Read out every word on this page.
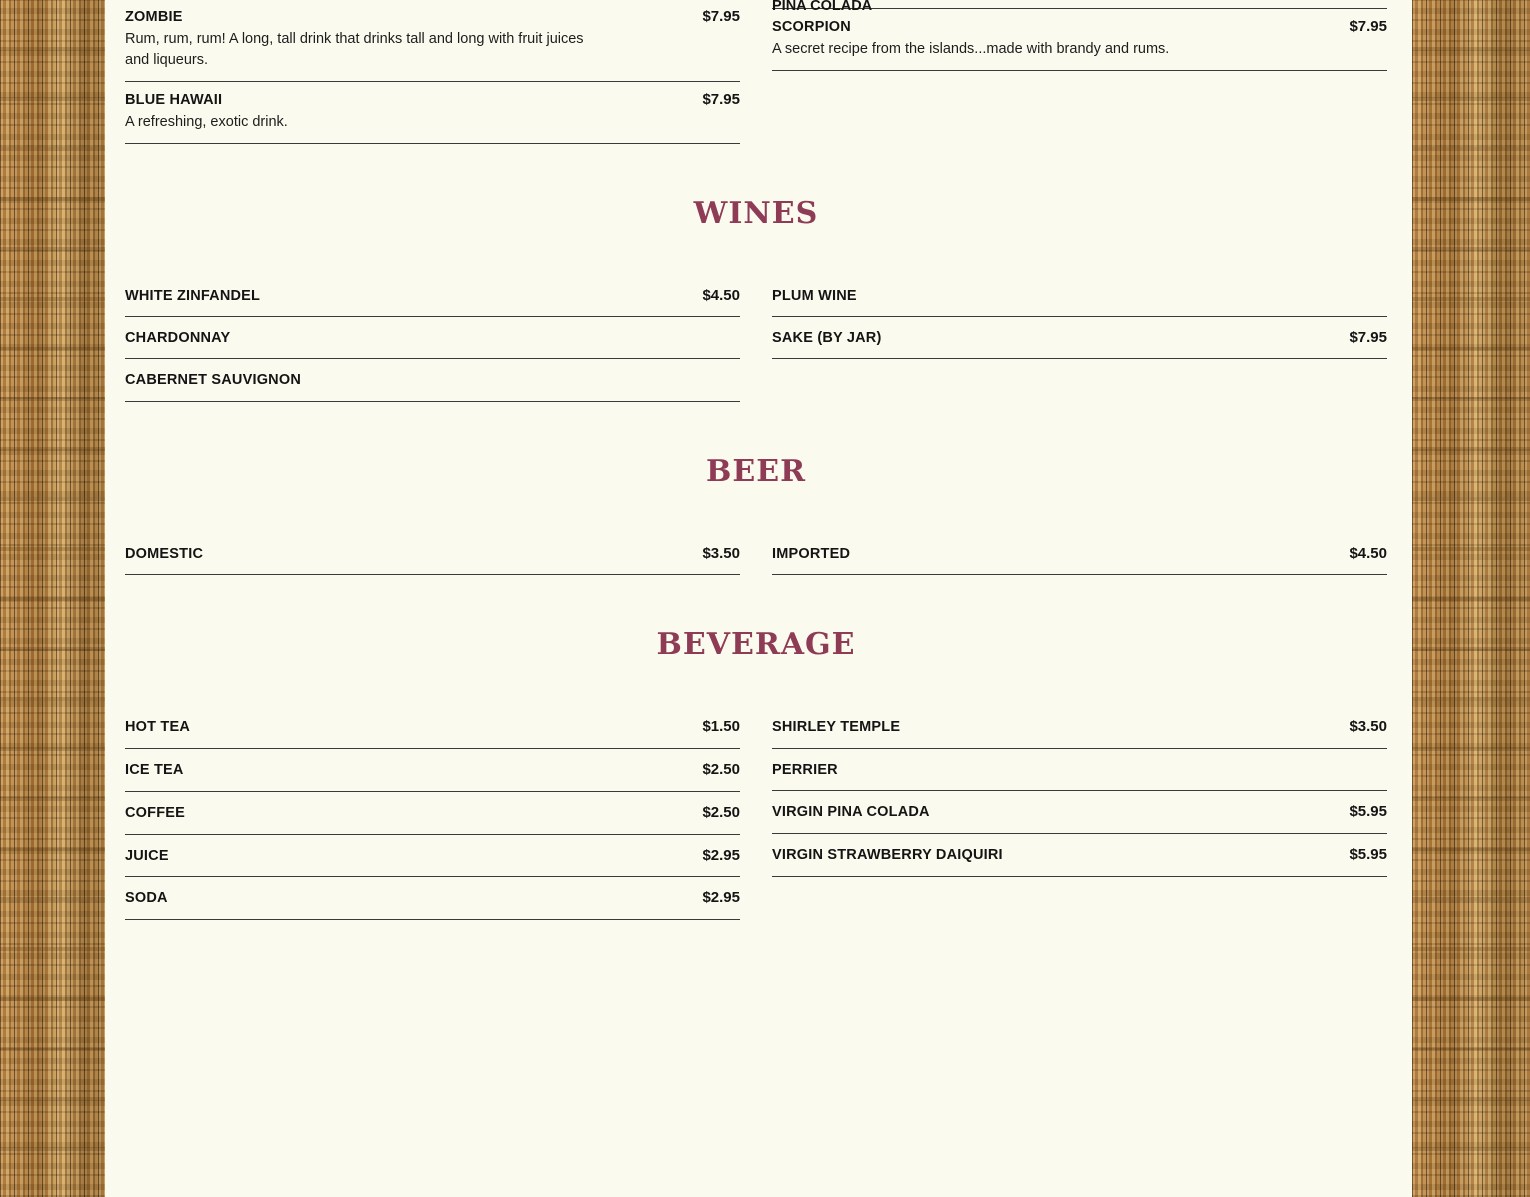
ZOMBIE	$7.95
Rum, rum, rum! A long, tall drink that drinks tall and long with fruit juices and liqueurs.
BLUE HAWAII	$7.95
A refreshing, exotic drink.
PINA COLADA
SCORPION	$7.95
A secret recipe from the islands...made with brandy and rums.
WINES
WHITE ZINFANDEL	$4.50
CHARDONNAY
CABERNET SAUVIGNON
PLUM WINE
SAKE (BY JAR)	$7.95
BEER
DOMESTIC	$3.50 IMPORTED	$4.50
BEVERAGE
HOT TEA	$1.50
ICE TEA	$2.50
COFFEE	$2.50
JUICE	$2.95
SODA	$2.95
SHIRLEY TEMPLE	$3.50
PERRIER
VIRGIN PINA COLADA	$5.95
VIRGIN STRAWBERRY DAIQUIRI	$5.95
